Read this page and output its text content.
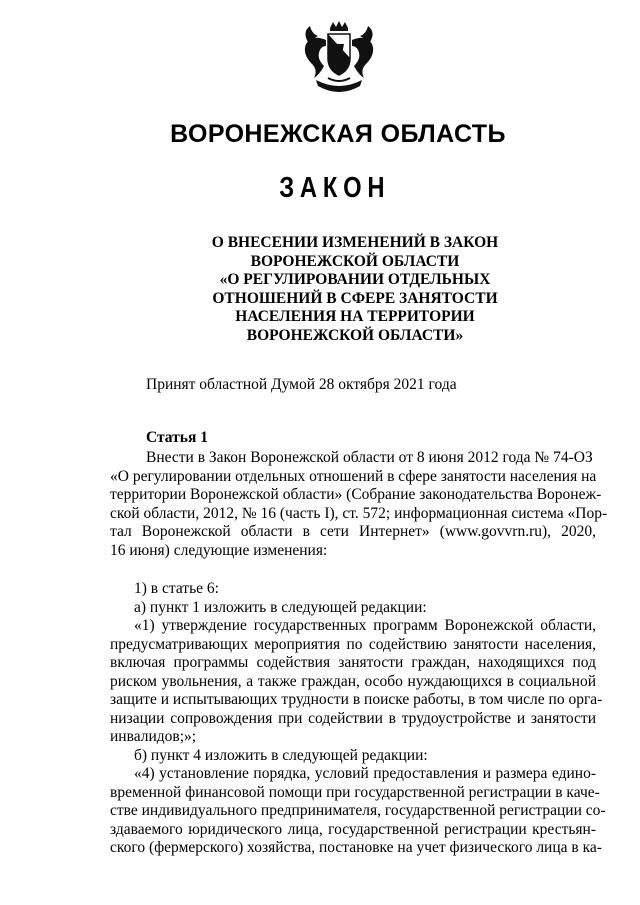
ВОРОНЕЖСКАЯ ОБЛАСТЬ
ЗАКОН
О ВНЕСЕНИИ ИЗМЕНЕНИЙ В ЗАКОН
ВОРОНЕЖСКОЙ ОБЛАСТИ
«О РЕГУЛИРОВАНИИ ОТДЕЛЬНЫХ
ОТНОШЕНИЙ В СФЕРЕ ЗАНЯТОСТИ
НАСЕЛЕНИЯ НА ТЕРРИТОРИИ
ВОРОНЕЖСКОЙ ОБЛАСТИ»
Принят областной Думой 28 октября 2021 года
Статья 1
Внести в Закон Воронежской области от 8 июня 2012 года № 74-ОЗ
«О регулировании отдельных отношений в сфере занятости населения на
территории Воронежской области» (Собрание законодательства Воронеж-
ской области, 2012, № 16 (часть I), ст. 572; информационная система «Пор-
тал Воронежской области в сети Интернет» (www.govvrn.ru), 2020,
16 июня) следующие изменения:
1) в статье 6:
а) пункт 1 изложить в следующей редакции:
«1) утверждение государственных программ Воронежской области,
предусматривающих мероприятия по содействию занятости населения,
включая программы содействия занятости граждан, находящихся под
риском увольнения, а также граждан, особо нуждающихся в социальной
защите и испытывающих трудности в поиске работы, в том числе по орга-
низации сопровождения при содействии в трудоустройстве и занятости
инвалидов;»;
б) пункт 4 изложить в следующей редакции:
«4) установление порядка, условий предоставления и размера едино-
временной финансовой помощи при государственной регистрации в каче-
стве индивидуального предпринимателя, государственной регистрации со-
здаваемого юридического лица, государственной регистрации крестьян-
ского (фермерского) хозяйства, постановке на учет физического лица в ка-
